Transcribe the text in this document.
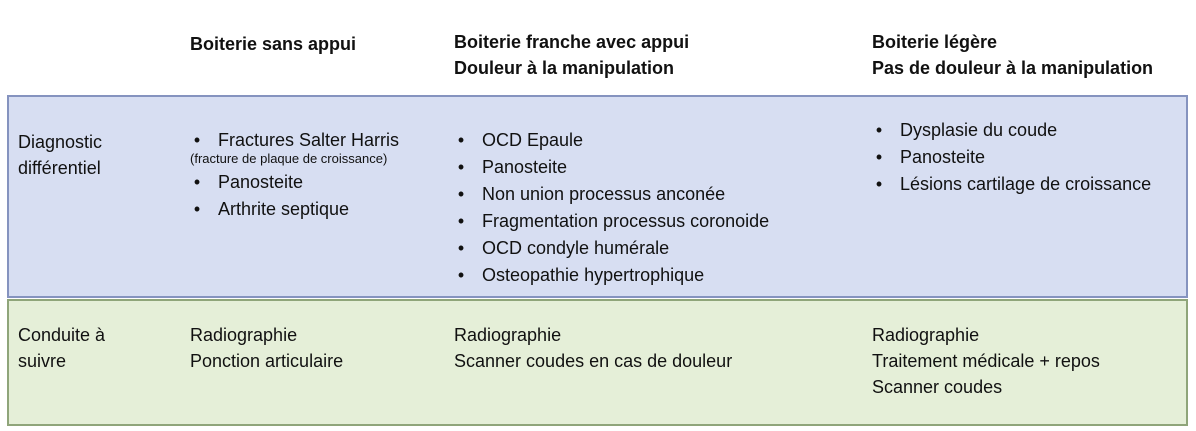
Boiterie sans appui	Boiterie franche avec appui
Douleur à la manipulation
Boiterie légère
Pas de douleur à la manipulation
Diagnostic
différentiel
• Fractures Salter Harris
(fracture de plaque de croissance)
• Panosteite
• Arthrite septique
• OCD Epaule
• Panosteite
• Non union processus anconée
• Fragmentation processus coronoide
• OCD condyle humérale
• Osteopathie hypertrophique
• Dysplasie du coude
• Panosteite
• Lésions cartilage de croissance
Conduite à
suivre
Radiographie
Ponction articulaire
Radiographie
Scanner coudes en cas de douleur
Radiographie
Traitement médicale + repos
Scanner coudes
